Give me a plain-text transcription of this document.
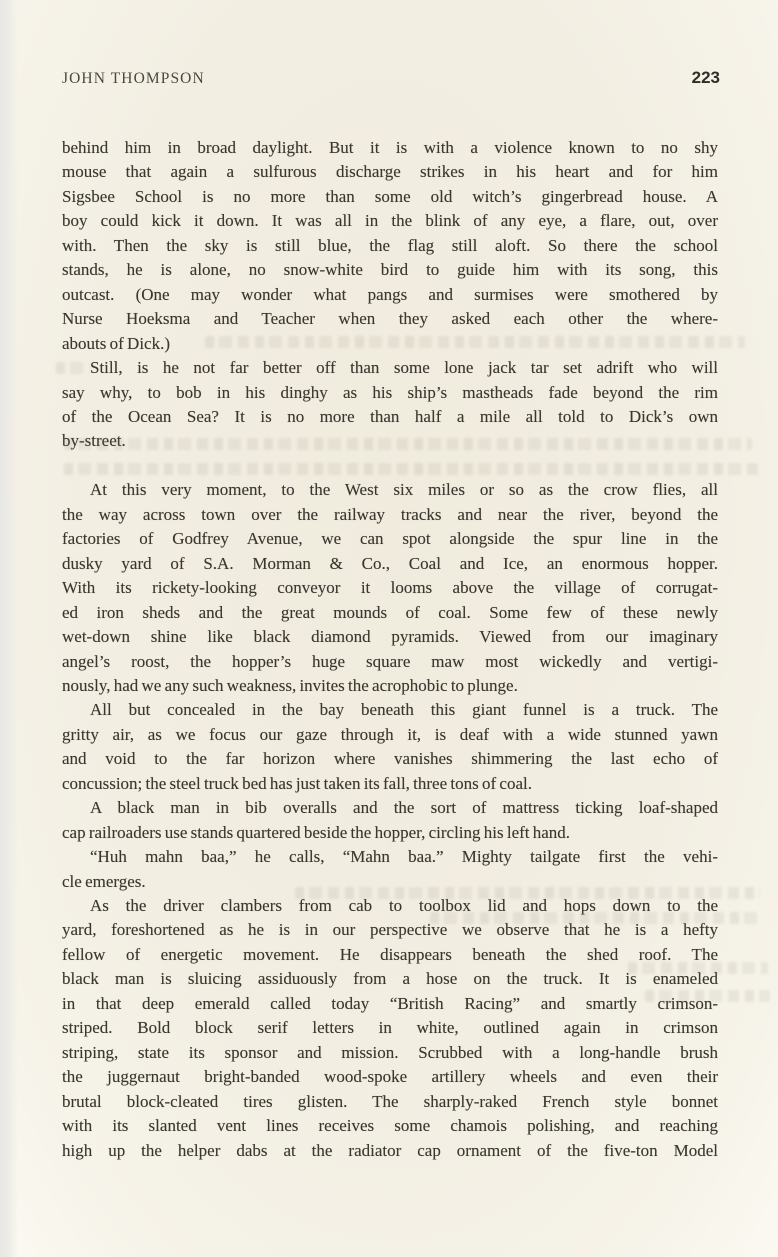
JOHN THOMPSON	223
behind him in broad daylight. But it is with a violence known to no shy
mouse that again a sulfurous discharge strikes in his heart and for him
Sigsbee School is no more than some old witch’s gingerbread house. A
boy could kick it down. It was all in the blink of any eye, a flare, out, over
with. Then the sky is still blue, the flag still aloft. So there the school
stands, he is alone, no snow-white bird to guide him with its song, this
outcast. (One may wonder what pangs and surmises were smothered by
Nurse Hoeksma and Teacher when they asked each other the where-
abouts of Dick.)
Still, is he not far better off than some lone jack tar set adrift who will
say why, to bob in his dinghy as his ship’s mastheads fade beyond the rim
of the Ocean Sea? It is no more than half a mile all told to Dick’s own
by-street.
At this very moment, to the West six miles or so as the crow flies, all
the way across town over the railway tracks and near the river, beyond the
factories of Godfrey Avenue, we can spot alongside the spur line in the
dusky yard of S.A. Morman & Co., Coal and Ice, an enormous hopper.
With its rickety-looking conveyor it looms above the village of corrugat-
ed iron sheds and the great mounds of coal. Some few of these newly
wet-down shine like black diamond pyramids. Viewed from our imaginary
angel’s roost, the hopper’s huge square maw most wickedly and vertigi-
nously, had we any such weakness, invites the acrophobic to plunge.
All but concealed in the bay beneath this giant funnel is a truck. The
gritty air, as we focus our gaze through it, is deaf with a wide stunned yawn
and void to the far horizon where vanishes shimmering the last echo of
concussion; the steel truck bed has just taken its fall, three tons of coal.
A black man in bib overalls and the sort of mattress ticking loaf-shaped
cap railroaders use stands quartered beside the hopper, circling his left hand.
“Huh mahn baa,” he calls, “Mahn baa.” Mighty tailgate first the vehi-
cle emerges.
As the driver clambers from cab to toolbox lid and hops down to the
yard, foreshortened as he is in our perspective we observe that he is a hefty
fellow of energetic movement. He disappears beneath the shed roof. The
black man is sluicing assiduously from a hose on the truck. It is enameled
in that deep emerald called today “British Racing” and smartly crimson-
striped. Bold block serif letters in white, outlined again in crimson
striping, state its sponsor and mission. Scrubbed with a long-handle brush
the juggernaut bright-banded wood-spoke artillery wheels and even their
brutal block-cleated tires glisten. The sharply-raked French style bonnet
with its slanted vent lines receives some chamois polishing, and reaching
high up the helper dabs at the radiator cap ornament of the five-ton Model
